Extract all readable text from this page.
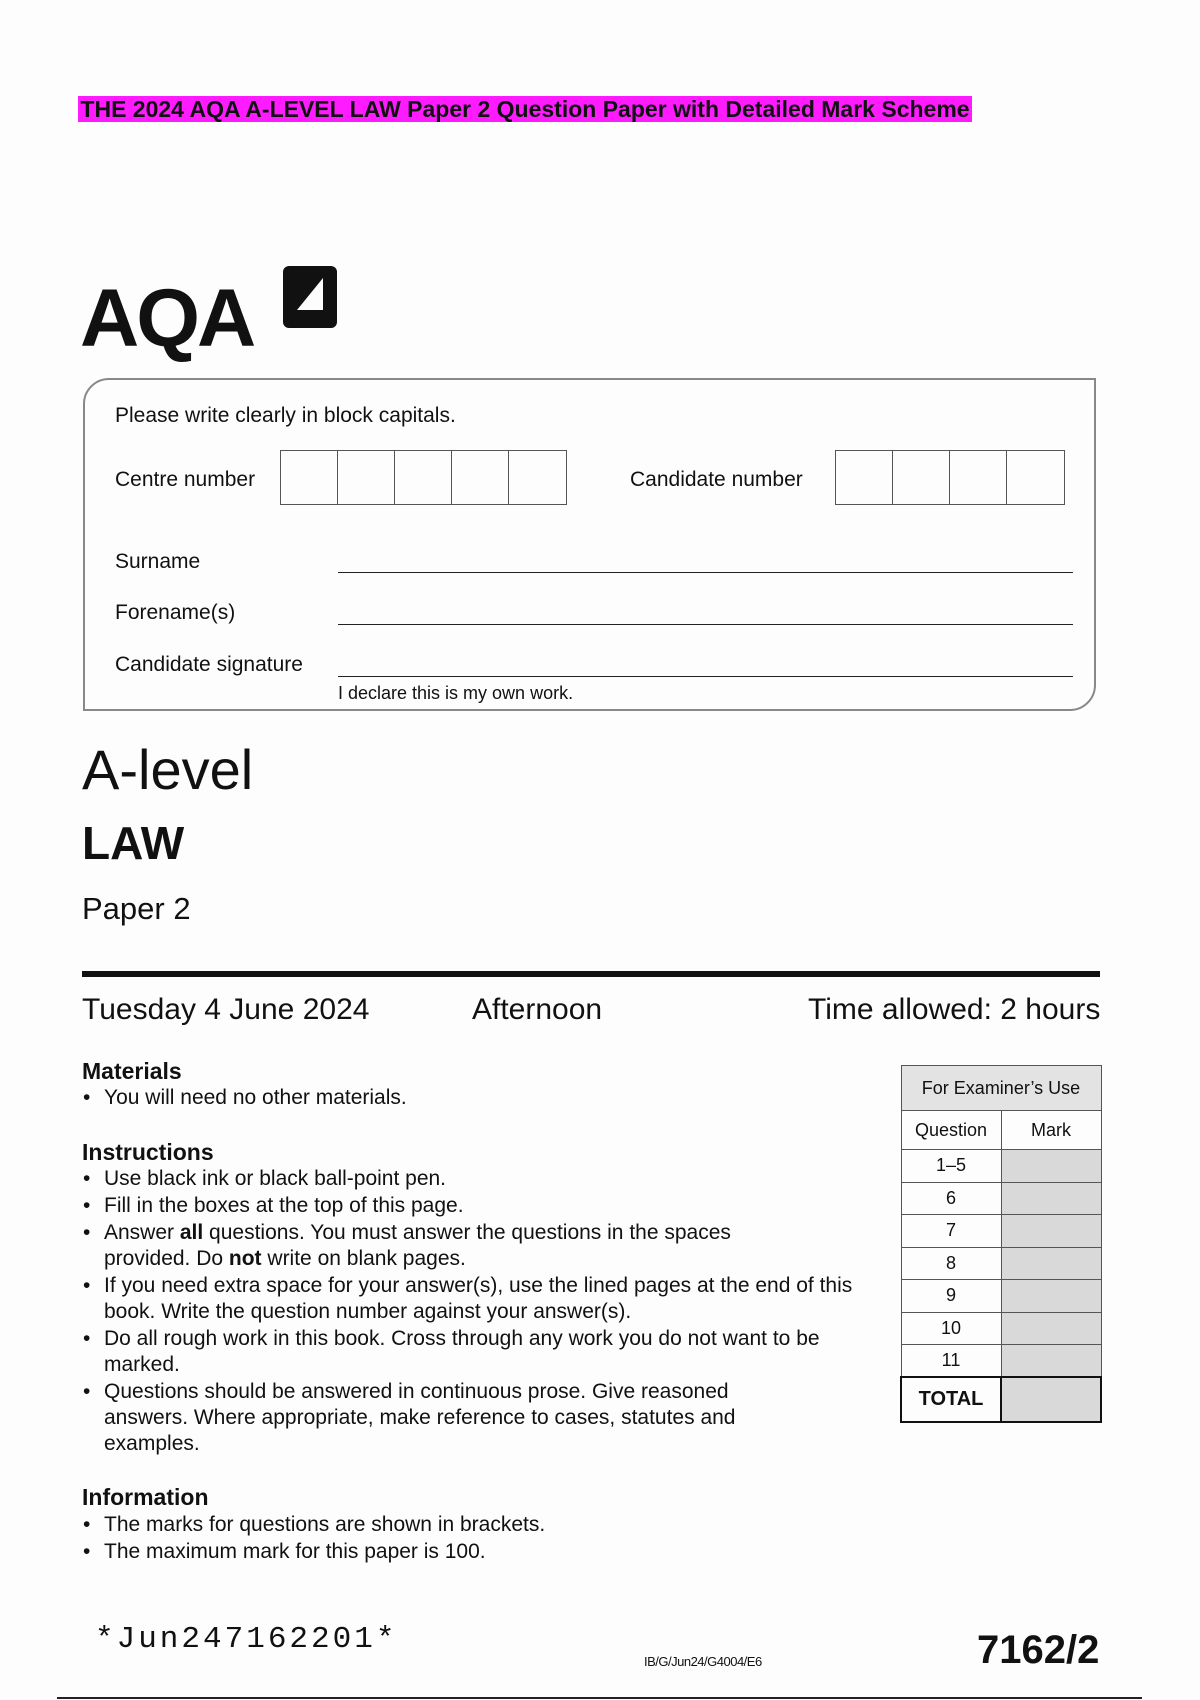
THE 2024 AQA A-LEVEL LAW Paper 2 Question Paper with Detailed Mark Scheme
AQA
Please write clearly in block capitals.
Centre number	Candidate number
Surname
Forename(s)
Candidate signature
I declare this is my own work.
A-level
LAW
Paper 2
Tuesday 4 June 2024	Afternoon	Time allowed: 2 hours
Materials
• You will need no other materials.
Instructions
• Use black ink or black ball-point pen.
• Fill in the boxes at the top of this page.
• Answer all questions. You must answer the questions in the spaces provided. Do not write on blank pages.
• If you need extra space for your answer(s), use the lined pages at the end of this book. Write the question number against your answer(s).
• Do all rough work in this book. Cross through any work you do not want to be marked.
• Questions should be answered in continuous prose. Give reasoned answers. Where appropriate, make reference to cases, statutes and examples.
Information
• The marks for questions are shown in brackets.
• The maximum mark for this paper is 100.
For Examiner’s Use	
Question	Mark
1–5	
6	
7	
8	
9	
10	
11	
TOTAL	
*Jun247162201*
IB/G/Jun24/G4004/E6	7162/2
